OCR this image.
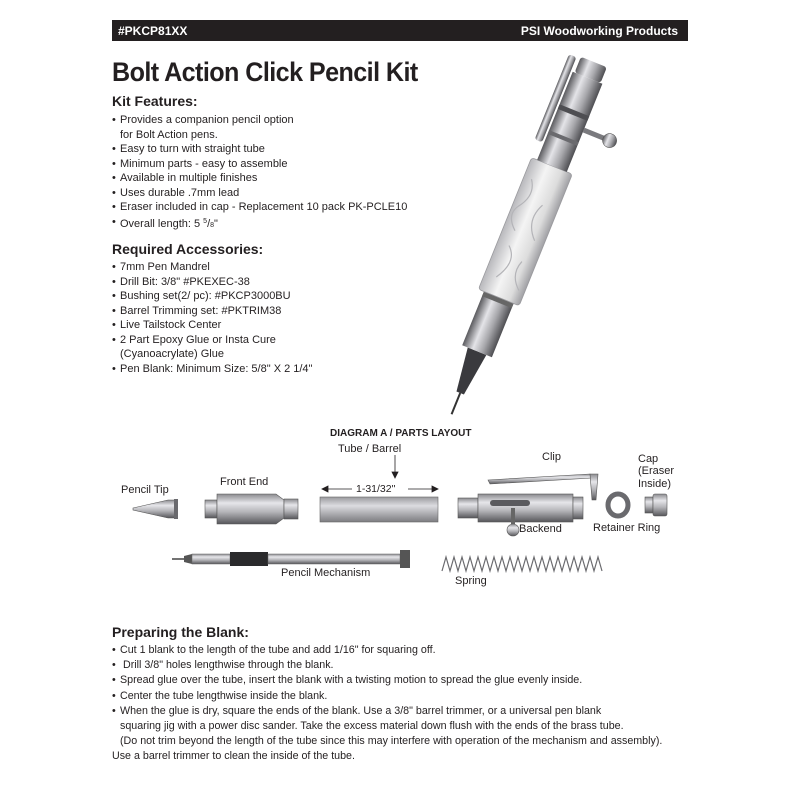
#PKCP81XX	PSI Woodworking Products
Bolt Action Click Pencil Kit
Kit Features:
• Provides a companion pencil option
for Bolt Action pens.
• Easy to turn with straight tube
• Minimum parts - easy to assemble
• Available in multiple finishes
• Uses durable .7mm lead
• Eraser included in cap - Replacement 10 pack PK-PCLE10
• Overall length: 5 $^5$/8"
Required Accessories:
• 7mm Pen Mandrel
• Drill Bit: 3/8" #PKEXEC-38
• Bushing set(2/ pc): #PKCP3000BU
• Barrel Trimming set: #PKTRIM38
• Live Tailstock Center
• 2 Part Epoxy Glue or Insta Cure
(Cyanoacrylate) Glue
• Pen Blank: Minimum Size: 5/8" X 2 1/4"
DIAGRAM A / PARTS LAYOUT
Tube / Barrel
1-31/32"
Clip	Cap
(Eraser
Inside)
Pencil Tip
Front End
Backend	Retainer Ring
Pencil Mechanism
Spring
Preparing the Blank:
• Cut 1 blank to the length of the tube and add 1/16" for squaring off.
•  Drill 3/8" holes lengthwise through the blank.
• Spread glue over the tube, insert the blank with a twisting motion to spread the glue evenly inside.
• Center the tube lengthwise inside the blank.
• When the glue is dry, square the ends of the blank. Use a 3/8" barrel trimmer, or a universal pen blank
squaring jig with a power disc sander. Take the excess material down flush with the ends of the brass tube.
(Do not trim beyond the length of the tube since this may interfere with operation of the mechanism and assembly).
Use a barrel trimmer to clean the inside of the tube.
